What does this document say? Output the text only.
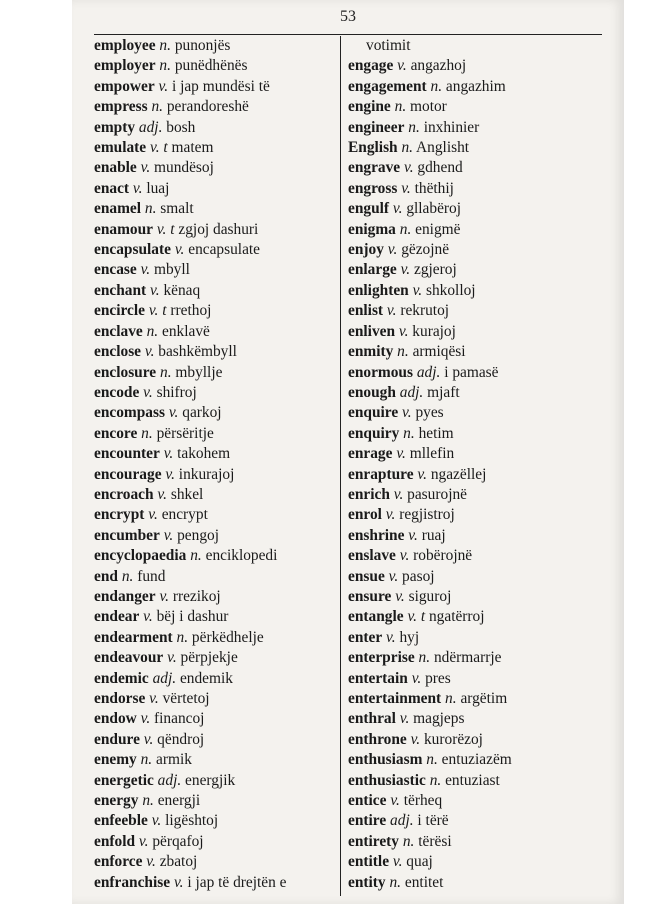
53
employee n. punonjës
employer n. punëdhënës
empower v. i jap mundësi të
empress n. perandoreshë
empty adj. bosh
emulate v. t matem
enable v. mundësoj
enact v. luaj
enamel n. smalt
enamour v. t zgjoj dashuri
encapsulate v. encapsulate
encase v. mbyll
enchant v. kënaq
encircle v. t rrethoj
enclave n. enklavë
enclose v. bashkëmbyll
enclosure n. mbyllje
encode v. shifroj
encompass v. qarkoj
encore n. përsëritje
encounter v. takohem
encourage v. inkurajoj
encroach v. shkel
encrypt v. encrypt
encumber v. pengoj
encyclopaedia n. enciklopedi
end n. fund
endanger v. rrezikoj
endear v. bëj i dashur
endearment n. përkëdhelje
endeavour v. përpjekje
endemic adj. endemik
endorse v. vërtetoj
endow v. financoj
endure v. qëndroj
enemy n. armik
energetic adj. energjik
energy n. energji
enfeeble v. ligështoj
enfold v. përqafoj
enforce v. zbatoj
enfranchise v. i jap të drejtën e
votimit
engage v. angazhoj
engagement n. angazhim
engine n. motor
engineer n. inxhinier
English n. Anglisht
engrave v. gdhend
engross v. thëthij
engulf v. gllabëroj
enigma n. enigmë
enjoy v. gëzojnë
enlarge v. zgjeroj
enlighten v. shkolloj
enlist v. rekrutoj
enliven v. kurajoj
enmity n. armiqësi
enormous adj. i pamasë
enough adj. mjaft
enquire v. pyes
enquiry n. hetim
enrage v. mllefin
enrapture v. ngazëllej
enrich v. pasurojnë
enrol v. regjistroj
enshrine v. ruaj
enslave v. robërojnë
ensue v. pasoj
ensure v. siguroj
entangle v. t ngatërroj
enter v. hyj
enterprise n. ndërmarrje
entertain v. pres
entertainment n. argëtim
enthral v. magjeps
enthrone v. kurorëzoj
enthusiasm n. entuziazëm
enthusiastic n. entuziast
entice v. tërheq
entire adj. i tërë
entirety n. tërësi
entitle v. quaj
entity n. entitet
